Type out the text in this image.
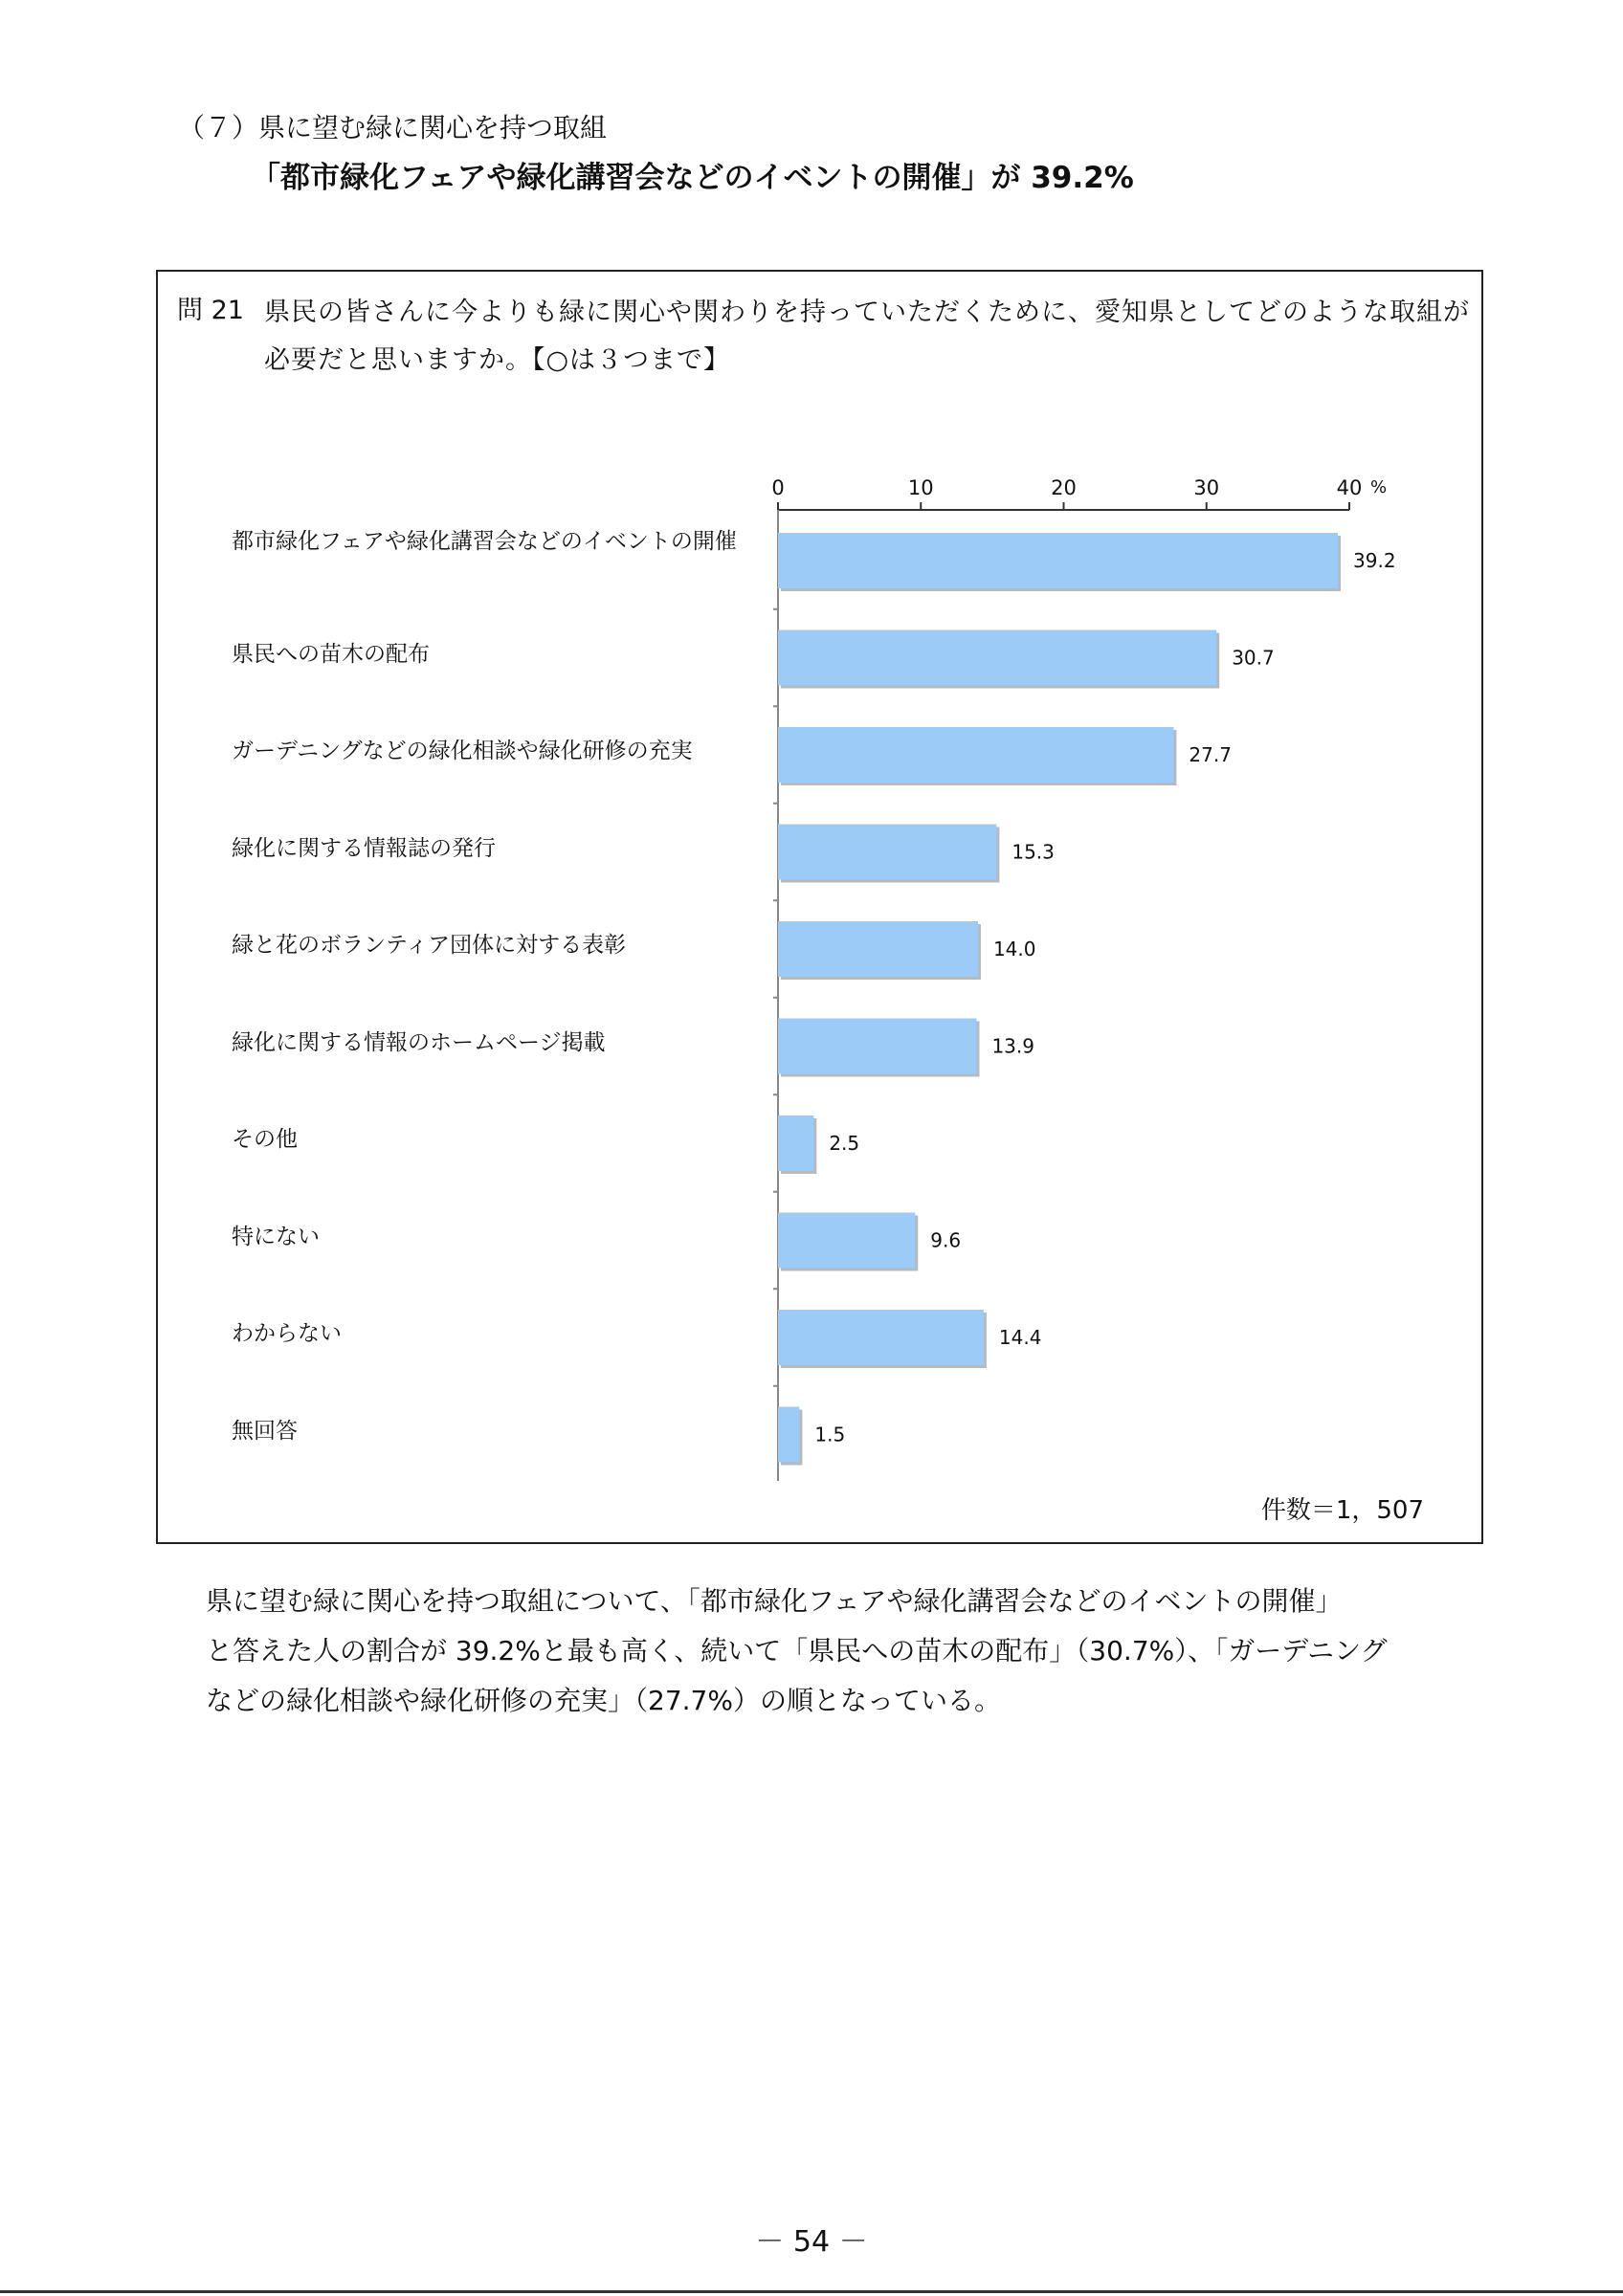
（７）県に望む緑に関心を持つ取組
「都市緑化フェアや緑化講習会などのイベントの開催」が 39.2%
問 21 県民の皆さんに今よりも緑に関心や関わりを持っていただくために、愛知県としてどのような取組が必要だと思いますか。【○は３つまで】
都市緑化フェアや緑化講習会などのイベントの開催
県民への苗木の配布
ガーデニングなどの緑化相談や緑化研修の充実
緑化に関する情報誌の発行
緑と花のボランティア団体に対する表彰
緑化に関する情報のホームページ掲載
その他
特にない
わからない
無回答
0	10	20	30	40 %
39.2
30.7
27.7
15.3
14.0
13.9
2.5
9.6
14.4
1.5
件数＝1，507
県に望む緑に関心を持つ取組について、「都市緑化フェアや緑化講習会などのイベントの開催」
と答えた人の割合が 39.2%と最も高く、続いて「県民への苗木の配布」（30.7%）、「ガーデニング
などの緑化相談や緑化研修の充実」（27.7%）の順となっている。
－ 54 －
